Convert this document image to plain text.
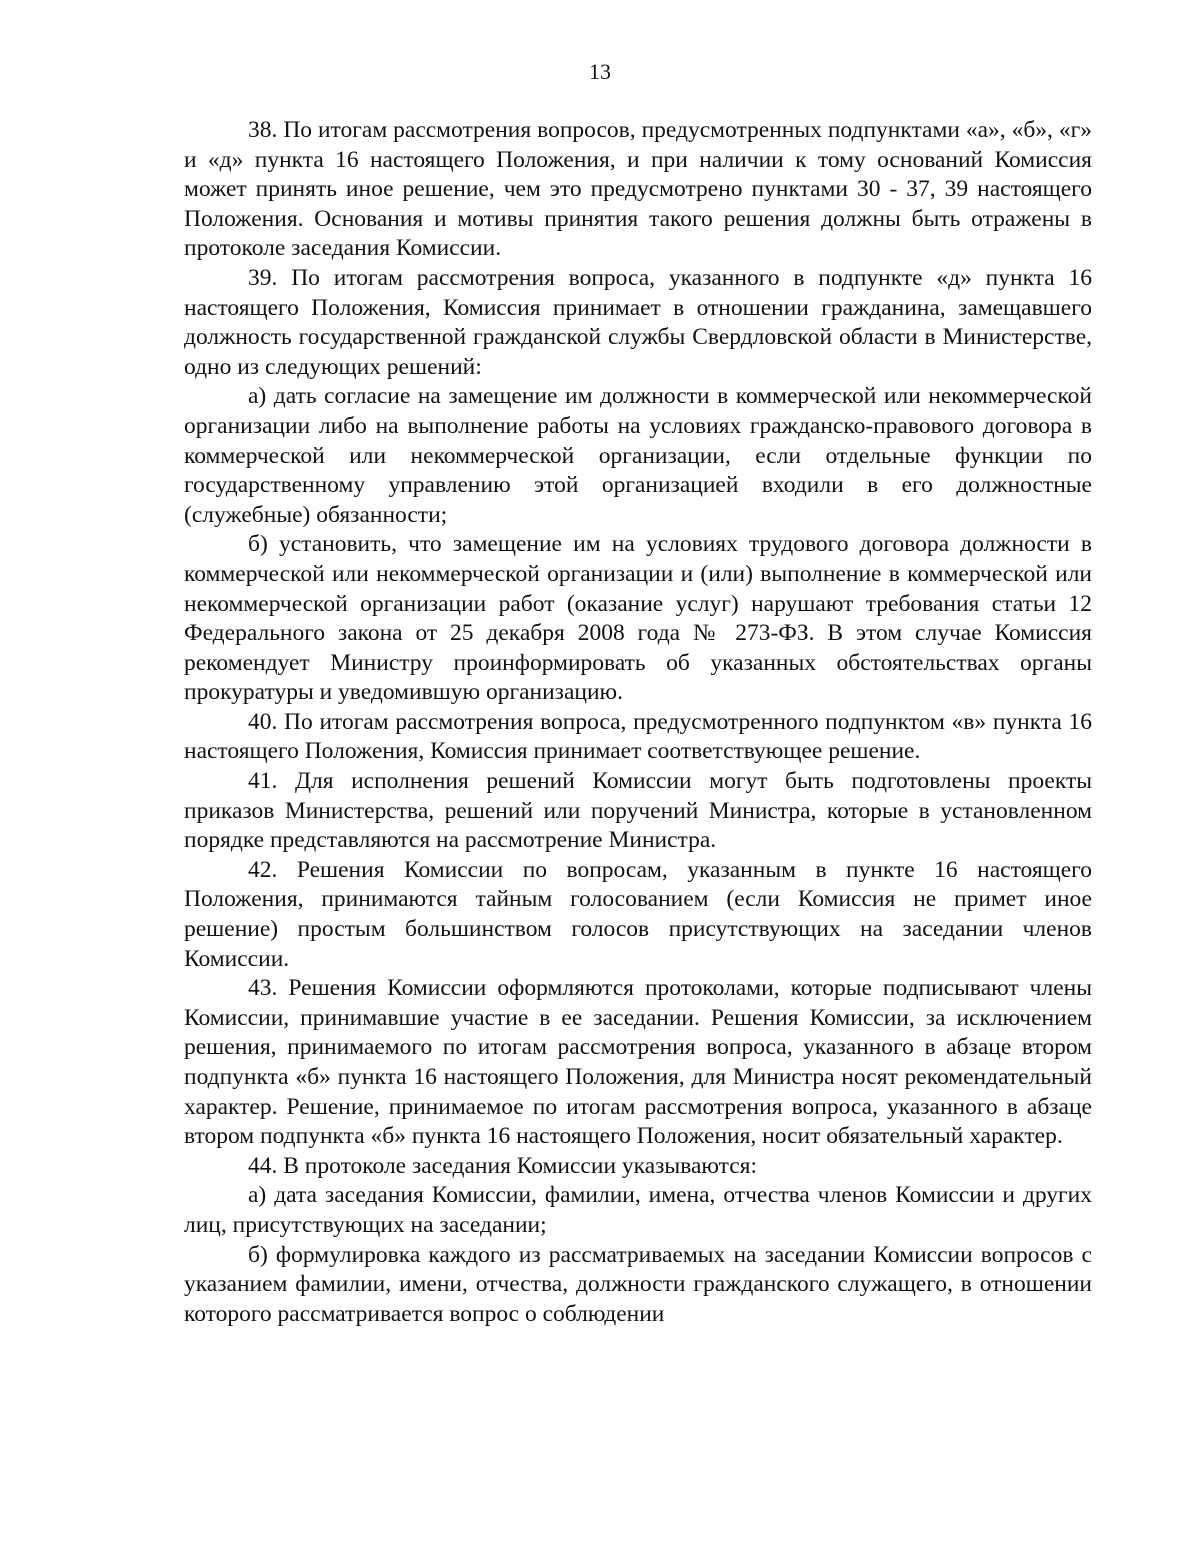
13

38. По итогам рассмотрения вопросов, предусмотренных подпунктами «а», «б», «г» и «д» пункта 16 настоящего Положения, и при наличии к тому оснований Комиссия может принять иное решение, чем это предусмотрено пунктами 30 - 37, 39 настоящего Положения. Основания и мотивы принятия такого решения должны быть отражены в протоколе заседания Комиссии.

39. По итогам рассмотрения вопроса, указанного в подпункте «д» пункта 16 настоящего Положения, Комиссия принимает в отношении гражданина, замещавшего должность государственной гражданской службы Свердловской области в Министерстве, одно из следующих решений:

а) дать согласие на замещение им должности в коммерческой или некоммерческой организации либо на выполнение работы на условиях гражданско-правового договора в коммерческой или некоммерческой организации, если отдельные функции по государственному управлению этой организацией входили в его должностные (служебные) обязанности;

б) установить, что замещение им на условиях трудового договора должности в коммерческой или некоммерческой организации и (или) выполнение в коммерческой или некоммерческой организации работ (оказание услуг) нарушают требования статьи 12 Федерального закона от 25 декабря 2008 года № 273-ФЗ. В этом случае Комиссия рекомендует Министру проинформировать об указанных обстоятельствах органы прокуратуры и уведомившую организацию.

40. По итогам рассмотрения вопроса, предусмотренного подпунктом «в» пункта 16 настоящего Положения, Комиссия принимает соответствующее решение.

41. Для исполнения решений Комиссии могут быть подготовлены проекты приказов Министерства, решений или поручений Министра, которые в установленном порядке представляются на рассмотрение Министра.

42. Решения Комиссии по вопросам, указанным в пункте 16 настоящего Положения, принимаются тайным голосованием (если Комиссия не примет иное решение) простым большинством голосов присутствующих на заседании членов Комиссии.

43. Решения Комиссии оформляются протоколами, которые подписывают члены Комиссии, принимавшие участие в ее заседании. Решения Комиссии, за исключением решения, принимаемого по итогам рассмотрения вопроса, указанного в абзаце втором подпункта «б» пункта 16 настоящего Положения, для Министра носят рекомендательный характер. Решение, принимаемое по итогам рассмотрения вопроса, указанного в абзаце втором подпункта «б» пункта 16 настоящего Положения, носит обязательный характер.

44. В протоколе заседания Комиссии указываются:

а) дата заседания Комиссии, фамилии, имена, отчества членов Комиссии и других лиц, присутствующих на заседании;

б) формулировка каждого из рассматриваемых на заседании Комиссии вопросов с указанием фамилии, имени, отчества, должности гражданского служащего, в отношении которого рассматривается вопрос о соблюдении
